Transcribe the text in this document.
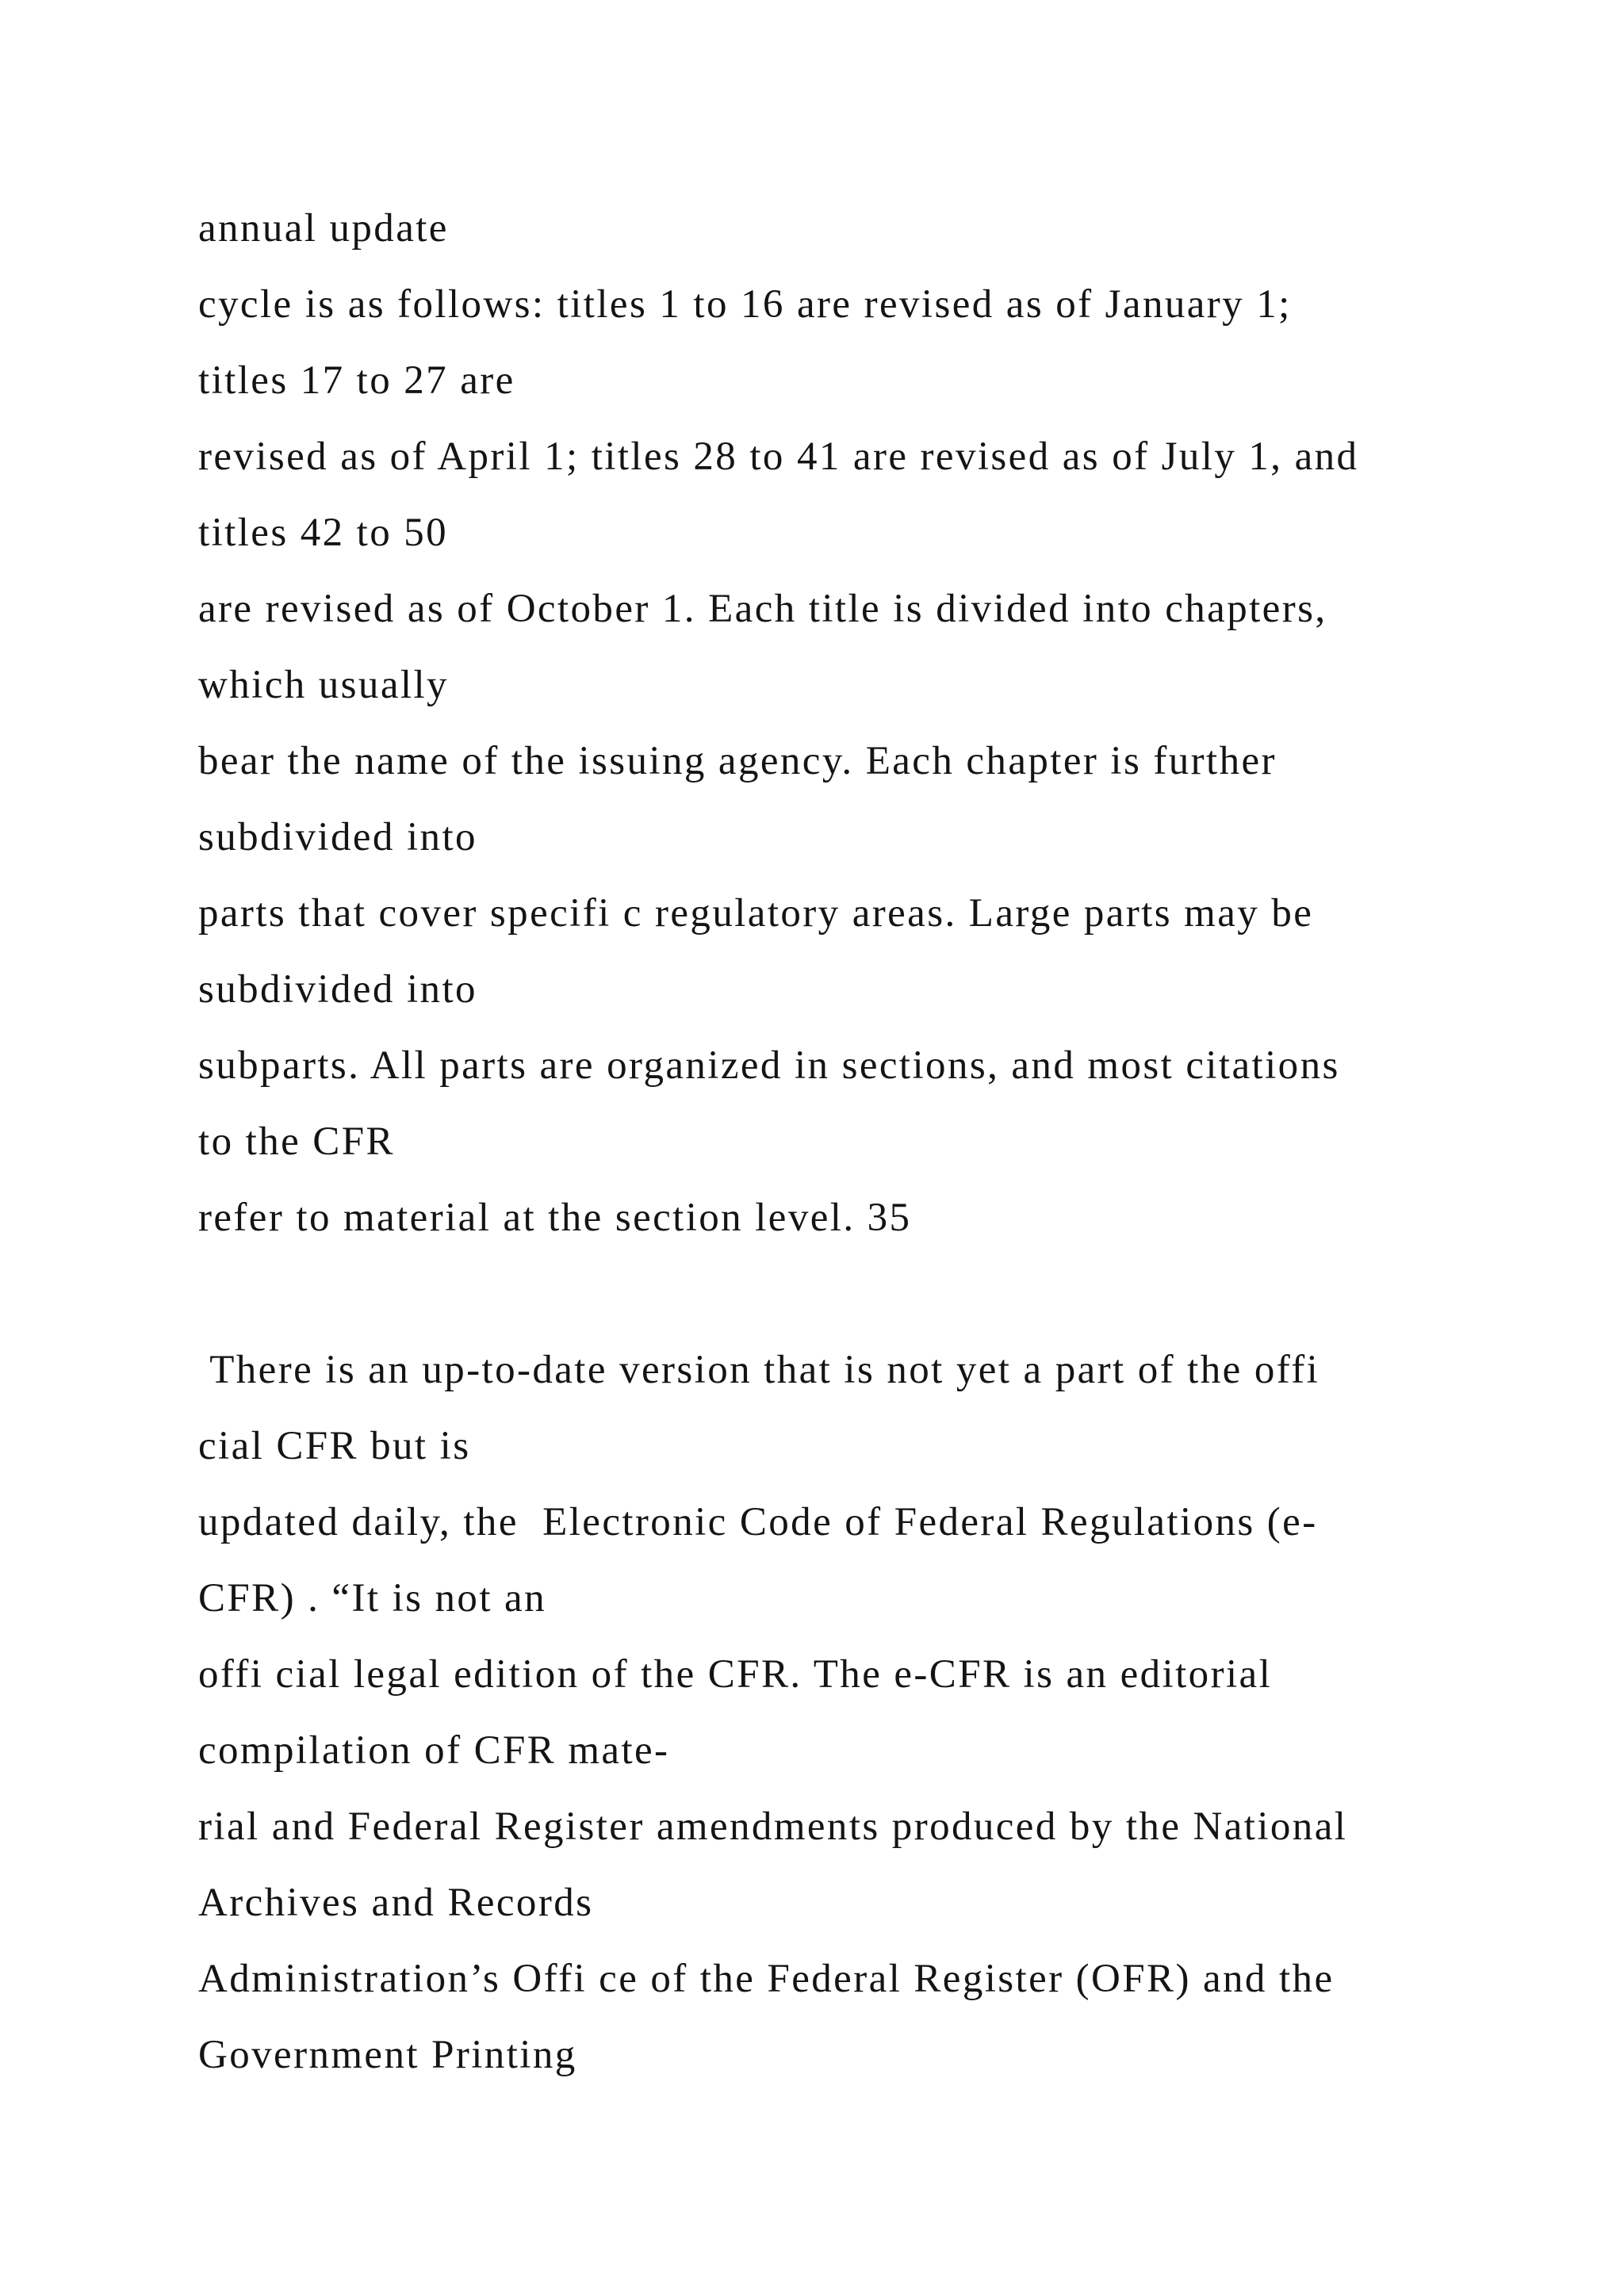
annual update
cycle is as follows: titles 1 to 16 are revised as of January 1;
titles 17 to 27 are
revised as of April 1; titles 28 to 41 are revised as of July 1, and
titles 42 to 50
are revised as of October 1. Each title is divided into chapters,
which usually
bear the name of the issuing agency. Each chapter is further
subdivided into
parts that cover specifi c regulatory areas. Large parts may be
subdivided into
subparts. All parts are organized in sections, and most citations
to the CFR
refer to material at the section level. 35
There is an up-to-date version that is not yet a part of the offi
cial CFR but is
updated daily, the  Electronic Code of Federal Regulations (e-
CFR) . “It is not an
offi cial legal edition of the CFR. The e-CFR is an editorial
compilation of CFR mate-
rial and Federal Register amendments produced by the National
Archives and Records
Administration’s Offi ce of the Federal Register (OFR) and the
Government Printing
